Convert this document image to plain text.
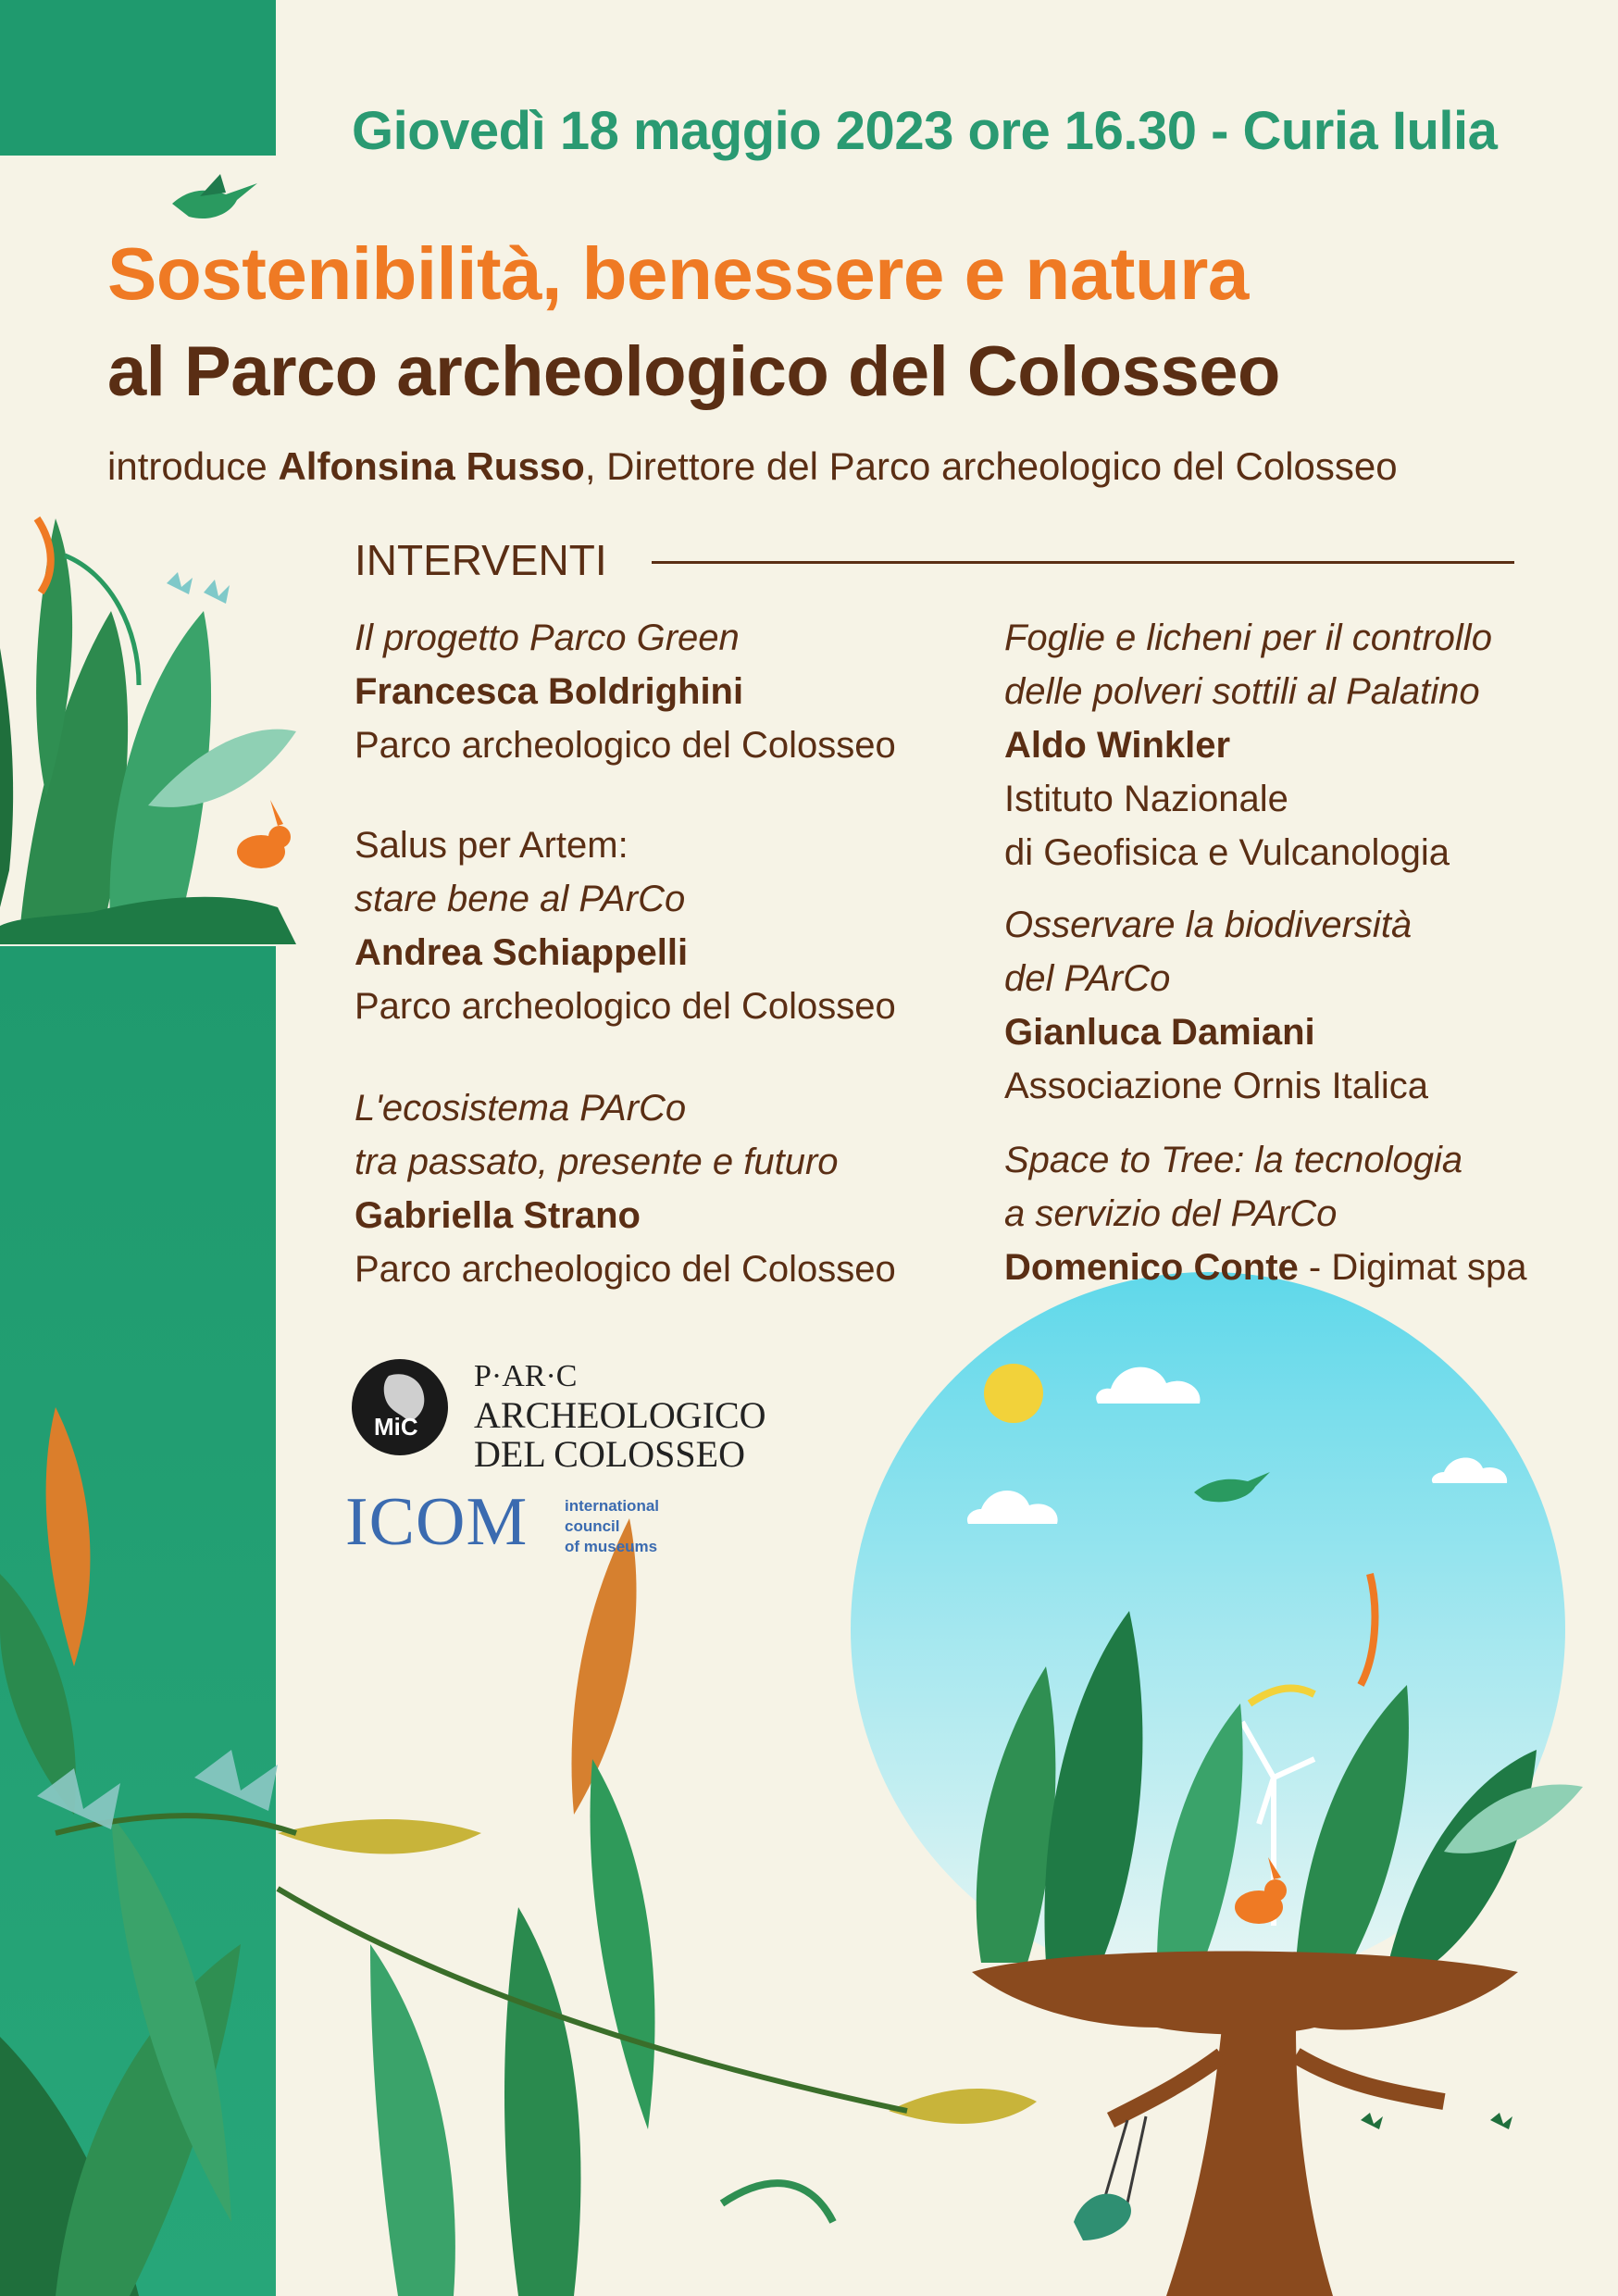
Giovedì 18 maggio 2023 ore 16.30 - Curia Iulia
Sostenibilità, benessere e natura
al Parco archeologico del Colosseo
introduce Alfonsina Russo, Direttore del Parco archeologico del Colosseo
INTERVENTI
Il progetto Parco Green
Francesca Boldrighini
Parco archeologico del Colosseo
Salus per Artem:
stare bene al PArCo
Andrea Schiappelli
Parco archeologico del Colosseo
L'ecosistema PArCo
tra passato, presente e futuro
Gabriella Strano
Parco archeologico del Colosseo
Foglie e licheni per il controllo
delle polveri sottili al Palatino
Aldo Winkler
Istituto Nazionale
di Geofisica e Vulcanologia
Osservare la biodiversità
del PArCo
Gianluca Damiani
Associazione Ornis Italica
Space to Tree: la tecnologia
a servizio del PArCo
Domenico Conte - Digimat spa
MiC
P·AR·C
ARCHEOLOGICO
DEL COLOSSEO
ICOM international
council
of museums
